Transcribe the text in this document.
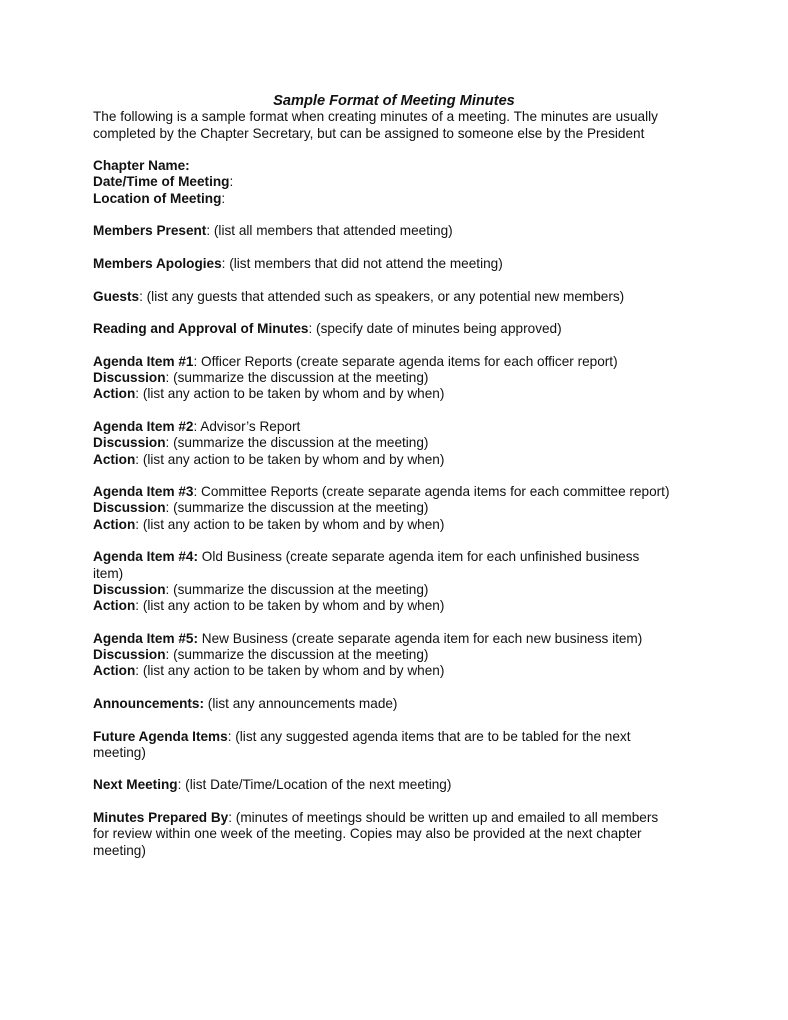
Sample Format of Meeting Minutes
The following is a sample format when creating minutes of a meeting. The minutes are usually
completed by the Chapter Secretary, but can be assigned to someone else by the President
Chapter Name:
Date/Time of Meeting:
Location of Meeting:
Members Present: (list all members that attended meeting)
Members Apologies: (list members that did not attend the meeting)
Guests: (list any guests that attended such as speakers, or any potential new members)
Reading and Approval of Minutes: (specify date of minutes being approved)
Agenda Item #1: Officer Reports (create separate agenda items for each officer report)
Discussion: (summarize the discussion at the meeting)
Action: (list any action to be taken by whom and by when)
Agenda Item #2: Advisor’s Report
Discussion: (summarize the discussion at the meeting)
Action: (list any action to be taken by whom and by when)
Agenda Item #3: Committee Reports (create separate agenda items for each committee report)
Discussion: (summarize the discussion at the meeting)
Action: (list any action to be taken by whom and by when)
Agenda Item #4: Old Business (create separate agenda item for each unfinished business
item)
Discussion: (summarize the discussion at the meeting)
Action: (list any action to be taken by whom and by when)
Agenda Item #5: New Business (create separate agenda item for each new business item)
Discussion: (summarize the discussion at the meeting)
Action: (list any action to be taken by whom and by when)
Announcements: (list any announcements made)
Future Agenda Items: (list any suggested agenda items that are to be tabled for the next
meeting)
Next Meeting: (list Date/Time/Location of the next meeting)
Minutes Prepared By: (minutes of meetings should be written up and emailed to all members
for review within one week of the meeting. Copies may also be provided at the next chapter
meeting)
